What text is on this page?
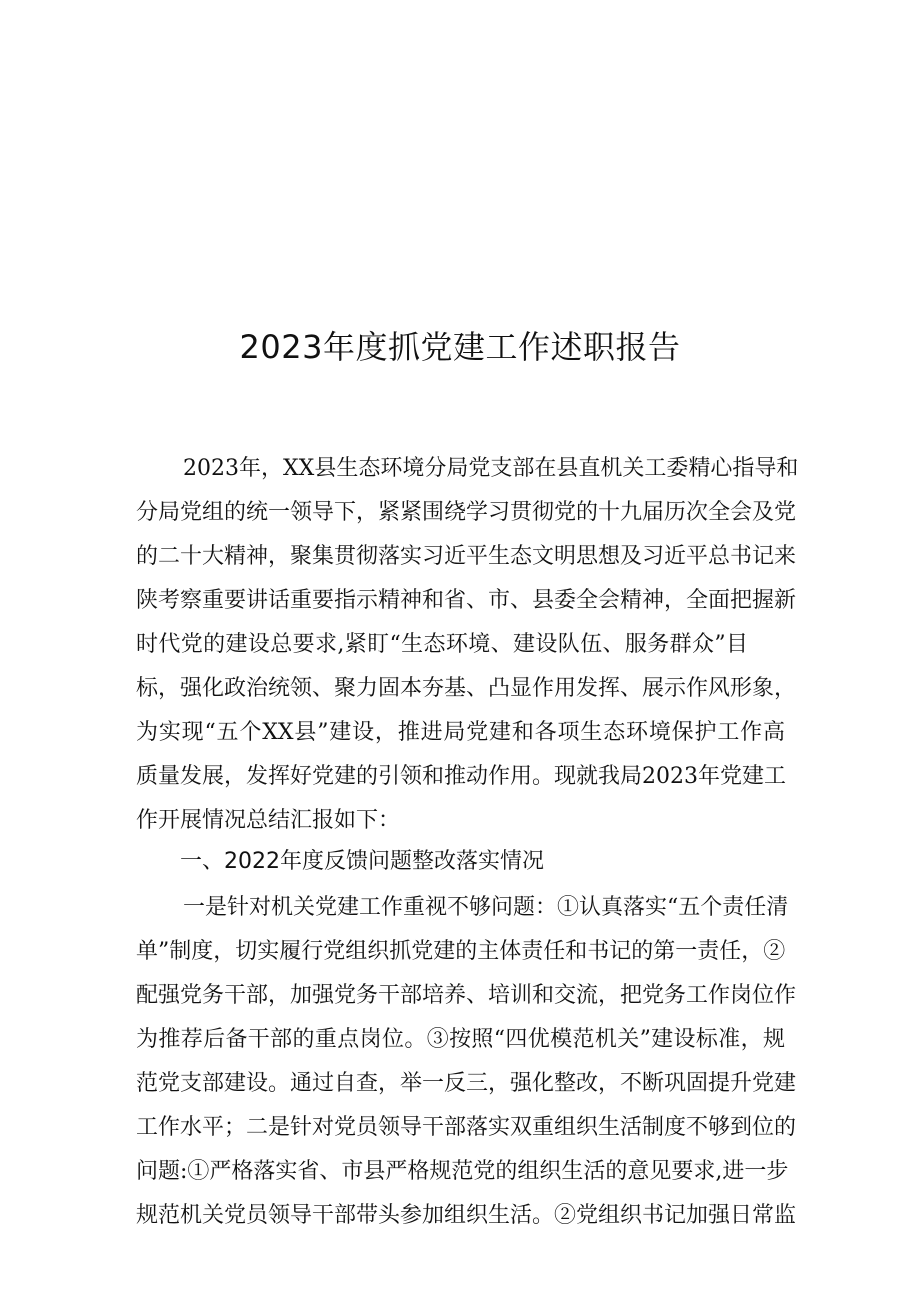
2023年度抓党建工作述职报告

2023年，XX县生态环境分局党支部在县直机关工委精心指导和

分局党组的统一领导下，紧紧围绕学习贯彻党的十九届历次全会及党

的二十大精神，聚集贯彻落实习近平生态文明思想及习近平总书记来

陕考察重要讲话重要指示精神和省、市、县委全会精神，全面把握新

时代党的建设总要求,紧盯“生态环境、建设队伍、服务群众”目

标，强化政治统领、聚力固本夯基、凸显作用发挥、展示作风形象，

为实现“五个XX县”建设，推进局党建和各项生态环境保护工作高

质量发展，发挥好党建的引领和推动作用。现就我局2023年党建工

作开展情况总结汇报如下：

一、2022年度反馈问题整改落实情况

一是针对机关党建工作重视不够问题：①认真落实“五个责任清

单”制度，切实履行党组织抓党建的主体责任和书记的第一责任，②

配强党务干部，加强党务干部培养、培训和交流，把党务工作岗位作

为推荐后备干部的重点岗位。③按照“四优模范机关”建设标准，规

范党支部建设。通过自查，举一反三，强化整改，不断巩固提升党建

工作水平；二是针对党员领导干部落实双重组织生活制度不够到位的

问题:①严格落实省、市县严格规范党的组织生活的意见要求,进一步

规范机关党员领导干部带头参加组织生活。②党组织书记加强日常监
